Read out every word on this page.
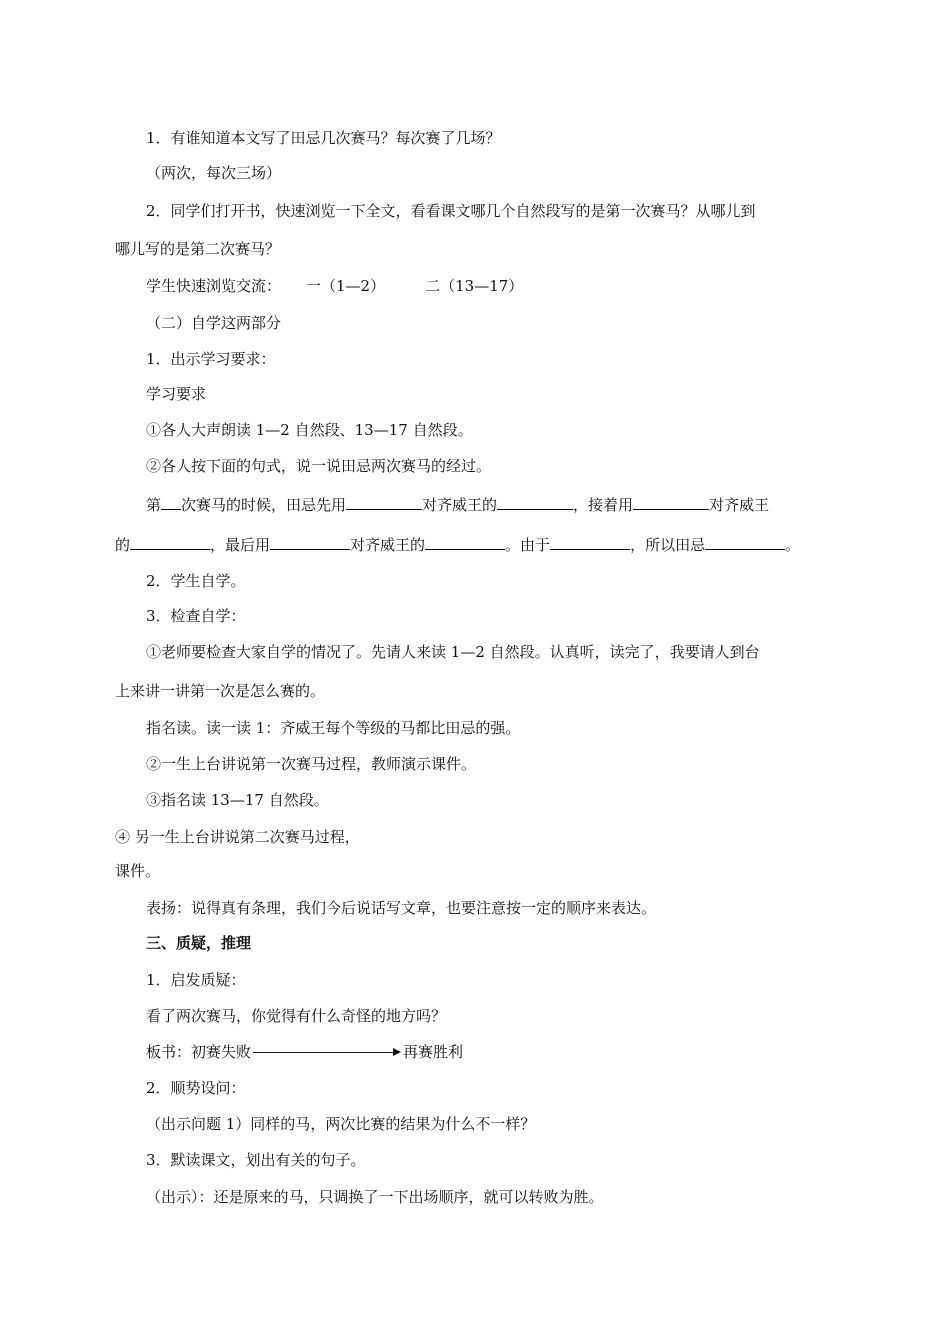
1．有谁知道本文写了田忌几次赛马？每次赛了几场？
（两次，每次三场）
2．同学们打开书，快速浏览一下全文，看看课文哪几个自然段写的是第一次赛马？从哪儿到
哪儿写的是第二次赛马？
学生快速浏览交流： 一（1—2）	二（13—17）
（二）自学这两部分
1．出示学习要求：
学习要求
①各人大声朗读 1—2 自然段、13—17 自然段。
②各人按下面的句式，说一说田忌两次赛马的经过。
第 次赛马的时候，田忌先用	对齐威王的	，接着用	对齐威王
的	，最后用	对齐威王的	。由于	，所以田忌	。
2．学生自学。
3．检查自学：
①老师要检查大家自学的情况了。先请人来读 1—2 自然段。认真听，读完了，我要请人到台
上来讲一讲第一次是怎么赛的。
指名读。读一读 1：齐威王每个等级的马都比田忌的强。
②一生上台讲说第一次赛马过程，教师演示课件。
③指名读 13—17 自然段。
④ 另一生上台讲说第二次赛马过程，
课件。
表扬：说得真有条理，我们今后说话写文章，也要注意按一定的顺序来表达。
三、质疑，推理
1．启发质疑：
看了两次赛马，你觉得有什么奇怪的地方吗？
板书：初赛失败	再赛胜利
2．顺势设问：
（出示问题 1）同样的马，两次比赛的结果为什么不一样？
3．默读课文，划出有关的句子。
（出示）：还是原来的马，只调换了一下出场顺序，就可以转败为胜。
